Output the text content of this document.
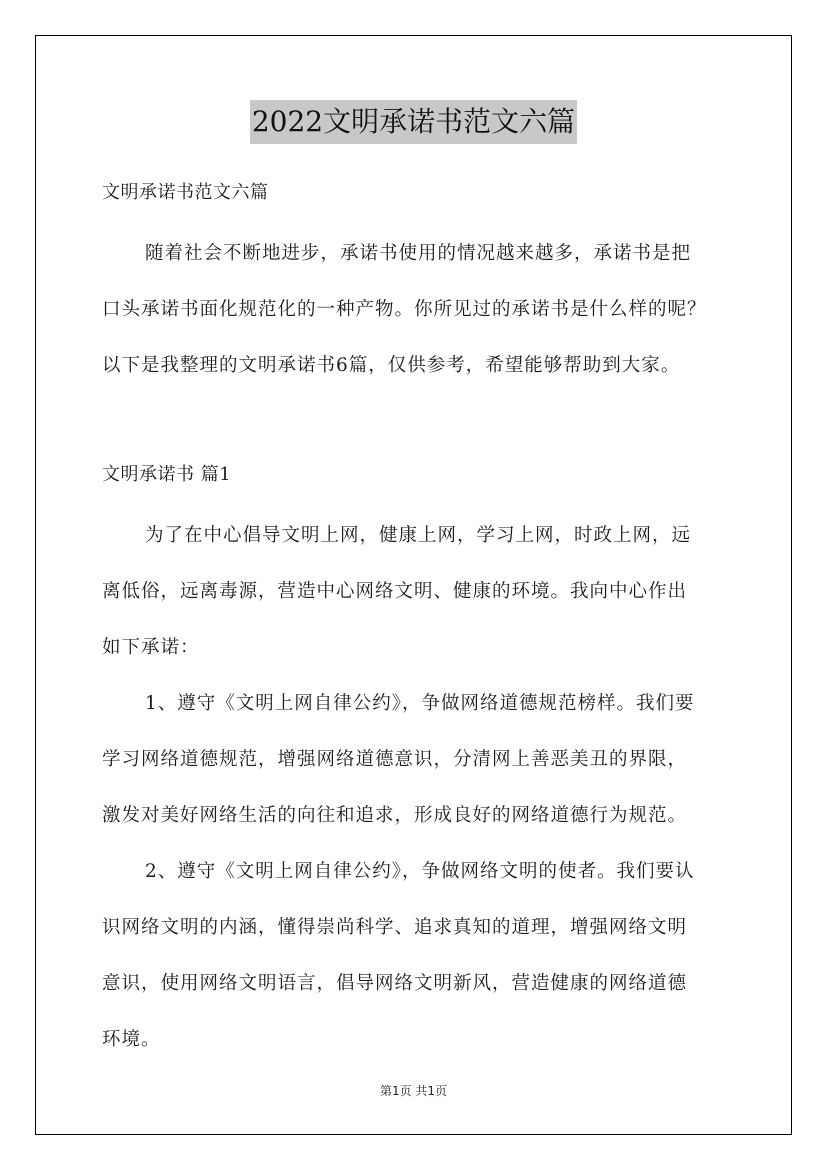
2022文明承诺书范文六篇
文明承诺书范文六篇
随着社会不断地进步，承诺书使用的情况越来越多，承诺书是把
口头承诺书面化规范化的一种产物。你所见过的承诺书是什么样的呢？
以下是我整理的文明承诺书6篇，仅供参考，希望能够帮助到大家。
文明承诺书 篇1
为了在中心倡导文明上网，健康上网，学习上网，时政上网，远
离低俗，远离毒源，营造中心网络文明、健康的环境。我向中心作出
如下承诺：
1、遵守《文明上网自律公约》，争做网络道德规范榜样。我们要
学习网络道德规范，增强网络道德意识，分清网上善恶美丑的界限，
激发对美好网络生活的向往和追求，形成良好的网络道德行为规范。
2、遵守《文明上网自律公约》，争做网络文明的使者。我们要认
识网络文明的内涵，懂得崇尚科学、追求真知的道理，增强网络文明
意识，使用网络文明语言，倡导网络文明新风，营造健康的网络道德
环境。
第1页 共1页
